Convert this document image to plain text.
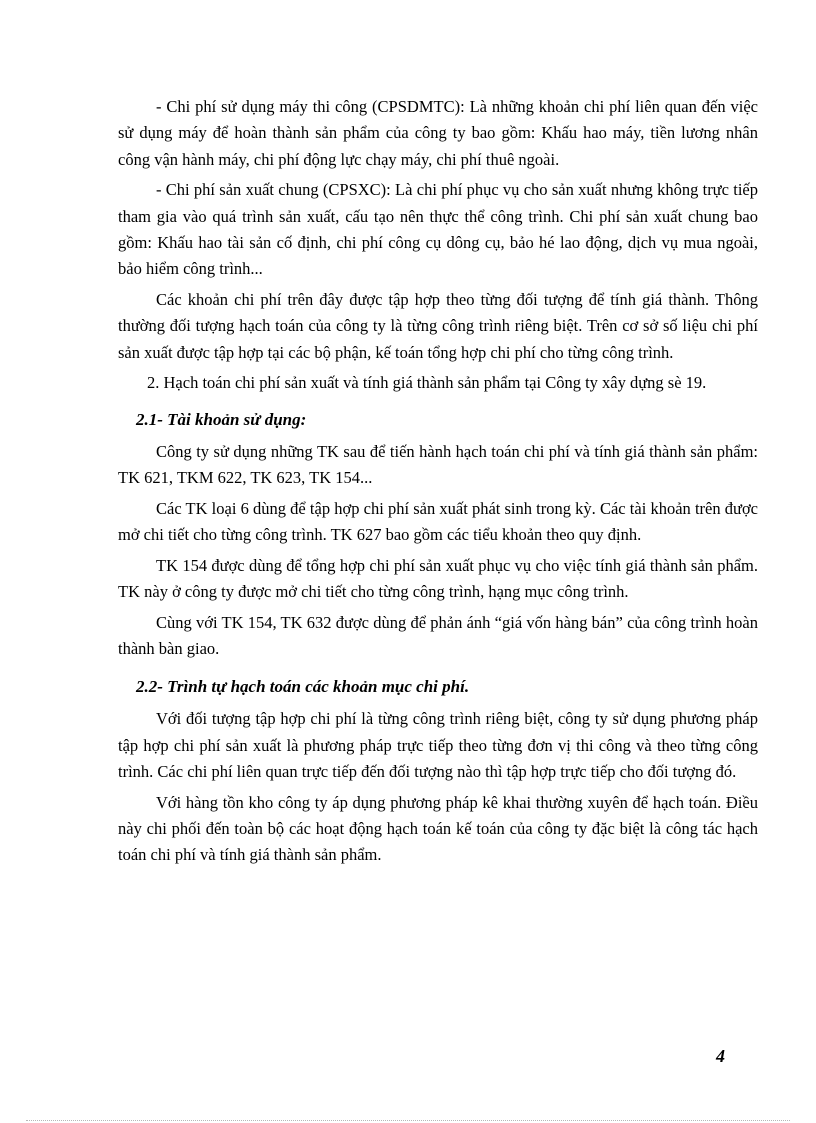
- Chi phí sử dụng máy thi công (CPSDMTC): Là những khoản chi phí liên quan đến việc sử dụng máy để hoàn thành sản phẩm của công ty bao gồm: Khấu hao máy, tiền lương nhân công vận hành máy, chi phí động lực chạy máy, chi phí thuê ngoài.

- Chi phí sản xuất chung (CPSXC): Là chi phí phục vụ cho sản xuất nhưng không trực tiếp tham gia vào quá trình sản xuất, cấu tạo nên thực thể công trình. Chi phí sản xuất chung bao gồm: Khấu hao tài sản cố định, chi phí công cụ dông cụ, bảo hé lao động, dịch vụ mua ngoài, bảo hiểm công trình...

Các khoản chi phí trên đây được tập hợp theo từng đối tượng để tính giá thành. Thông thường đối tượng hạch toán của công ty là từng công trình riêng biệt. Trên cơ sở số liệu chi phí sản xuất được tập hợp tại các bộ phận, kế toán tổng hợp chi phí cho từng công trình.

2. Hạch toán chi phí sản xuất và tính giá thành sản phẩm tại Công ty xây dựng sè 19.

2.1- Tài khoản sử dụng:

Công ty sử dụng những TK sau để tiến hành hạch toán chi phí và tính giá thành sản phẩm: TK 621, TKM 622, TK 623, TK 154...

Các TK loại 6 dùng để tập hợp chi phí sản xuất phát sinh trong kỳ. Các tài khoản trên được mở chi tiết cho từng công trình. TK 627 bao gồm các tiểu khoản theo quy định.

TK 154 được dùng để tổng hợp chi phí sản xuất phục vụ cho việc tính giá thành sản phẩm. TK này ở công ty được mở chi tiết cho từng công trình, hạng mục công trình.

Cùng với TK 154, TK 632 được dùng để phản ánh “giá vốn hàng bán” của công trình hoàn thành bàn giao.

2.2- Trình tự hạch toán các khoản mục chi phí.

Với đối tượng tập hợp chi phí là từng công trình riêng biệt, công ty sử dụng phương pháp tập hợp chi phí sản xuất là phương pháp trực tiếp theo từng đơn vị thi công và theo từng công trình. Các chi phí liên quan trực tiếp đến đối tượng nào thì tập hợp trực tiếp cho đối tượng đó.

Với hàng tồn kho công ty áp dụng phương pháp kê khai thường xuyên để hạch toán. Điều này chi phối đến toàn bộ các hoạt động hạch toán kế toán của công ty đặc biệt là công tác hạch toán chi phí và tính giá thành sản phẩm.

4
